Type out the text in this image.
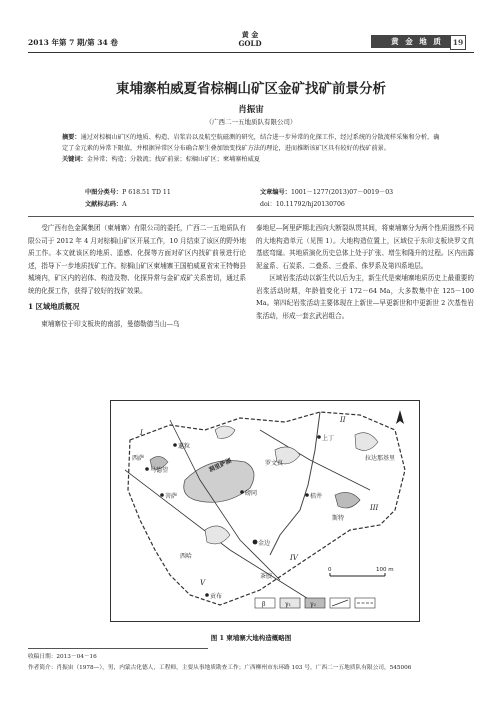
2013 年第 7 期/第 34 卷
黄 金
GOLD	黄 金 地 质	19
東埔寨柏威夏省棕榈山矿区金矿找矿前景分析
肖振宙
（广西二一五地质队有限公司）
摘要：通过对棕榈山矿区的地质、构造、岩浆岩以及航空航磁测的研究，结合进一步异常的化探工作，经过系统的分散流样采集和分析，确定了金元素的异常下限值，并根据异常区分布确合原生叠加蚀变找矿方法的理论，进而推断该矿区具有较好的找矿前景。
关键词：金异常；构造；分散流；找矿前景；棕榈山矿区；柬埔寨柏威夏
中图分类号：P 618.51 TD 11
文献标志码：A
文章编号：1001－1277(2013)07－0019－03
doi：10.11792/hj20130706

受广西有色金属集团（柬埔寨）有限公司的委托，广西二一五地质队有限公司于 2012 年 4 月对棕榈山矿区开展工作，10 月结束了该区的野外地质工作。本文就该区的地质、遥感、化探等方面对矿区内找矿前景进行论述，指导下一步地质找矿工作。棕榈山矿区柬埔寨王国柏威夏省宋王特梅县城境内，矿区内的岩体、构造及物、化探异常与金矿成矿关系密切，通过系统的化探工作，获得了较好的找矿效果。

1 区域地质概况

柬埔寨位于印支板块的南部，曼德勒德当山—乌

泰地尼—阿里萨期北西向大断裂纵贯其间，将柬埔寨分为两个性质迥然不同的大地构造单元（见图 1）。大地构造位置上，区域位于东印支板块罗文真基底弯窿。其地质演化历史总体上处于扩张、增生和隆升的过程。区内出露泥盆系、石炭系、二叠系、三叠系、侏罗系及第四系地层。

区域岩浆活动以新生代以后为主，新生代是柬埔寨地质历史上最重要的岩浆活动时期，年龄值变化于 172－64 Ma，大多数集中在 125－100 Ma。第四纪岩浆活动主要体现在上新世—早更新世和中更新世 2 次基性岩浆活动，形成一套玄武岩组合。

暹粒
马德望	洞里萨湖
磅同
西萨
菩萨
罗文真
上丁
拉达那基里
桔井
斯特
金边
西哈
贡布
茶胶
I
II
III
IV
V
0	100 m
β	γ₁	γ₂
图 1 柬埔寨大地构造概略图
收稿日期：2013－04－16
作者简介：肖振宙（1978—），男，内蒙古化德人，工程师，主要从事地质勘查工作；广西柳州市东环路 103 号，广西二一五地质队有限公司，545006
